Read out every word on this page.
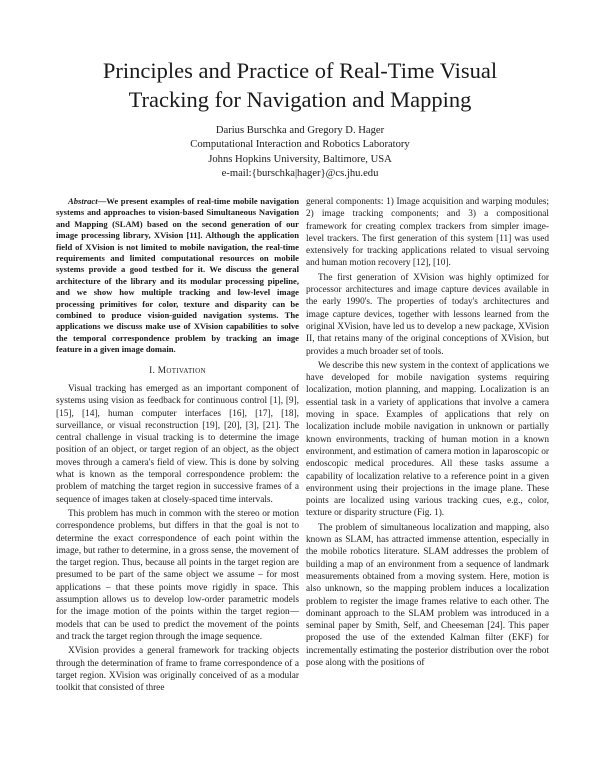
Principles and Practice of Real-Time Visual
Tracking for Navigation and Mapping
Darius Burschka and Gregory D. Hager
Computational Interaction and Robotics Laboratory
Johns Hopkins University, Baltimore, USA
e-mail:{burschka|hager}@cs.jhu.edu

Abstract—We present examples of real-time mobile navigation systems and approaches to vision-based Simultaneous Navigation and Mapping (SLAM) based on the second generation of our image processing library, XVision [11]. Although the application field of XVision is not limited to mobile navigation, the real-time requirements and limited computational resources on mobile systems provide a good testbed for it. We discuss the general architecture of the library and its modular processing pipeline, and we show how multiple tracking and low-level image processing primitives for color, texture and disparity can be combined to produce vision-guided navigation systems. The applications we discuss make use of XVision capabilities to solve the temporal correspondence problem by tracking an image feature in a given image domain.

I. Motivation

Visual tracking has emerged as an important component of systems using vision as feedback for continuous control [1], [9], [15], [14], human computer interfaces [16], [17], [18], surveillance, or visual reconstruction [19], [20], [3], [21]. The central challenge in visual tracking is to determine the image position of an object, or target region of an object, as the object moves through a camera's field of view. This is done by solving what is known as the temporal correspondence problem: the problem of matching the target region in successive frames of a sequence of images taken at closely-spaced time intervals.

This problem has much in common with the stereo or motion correspondence problems, but differs in that the goal is not to determine the exact correspondence of each point within the image, but rather to determine, in a gross sense, the movement of the target region. Thus, because all points in the target region are presumed to be part of the same object we assume – for most applications – that these points move rigidly in space. This assumption allows us to develop low-order parametric models for the image motion of the points within the target region—models that can be used to predict the movement of the points and track the target region through the image sequence.

XVision provides a general framework for tracking objects through the determination of frame to frame correspondence of a target region. XVision was originally conceived of as a modular toolkit that consisted of three

general components: 1) Image acquisition and warping modules; 2) image tracking components; and 3) a compositional framework for creating complex trackers from simpler image-level trackers. The first generation of this system [11] was used extensively for tracking applications related to visual servoing and human motion recovery [12], [10].

The first generation of XVision was highly optimized for processor architectures and image capture devices available in the early 1990's. The properties of today's architectures and image capture devices, together with lessons learned from the original XVision, have led us to develop a new package, XVision II, that retains many of the original conceptions of XVision, but provides a much broader set of tools.

We describe this new system in the context of applications we have developed for mobile navigation systems requiring localization, motion planning, and mapping. Localization is an essential task in a variety of applications that involve a camera moving in space. Examples of applications that rely on localization include mobile navigation in unknown or partially known environments, tracking of human motion in a known environment, and estimation of camera motion in laparoscopic or endoscopic medical procedures. All these tasks assume a capability of localization relative to a reference point in a given environment using their projections in the image plane. These points are localized using various tracking cues, e.g., color, texture or disparity structure (Fig. 1).

The problem of simultaneous localization and mapping, also known as SLAM, has attracted immense attention, especially in the mobile robotics literature. SLAM addresses the problem of building a map of an environment from a sequence of landmark measurements obtained from a moving system. Here, motion is also unknown, so the mapping problem induces a localization problem to register the image frames relative to each other. The dominant approach to the SLAM problem was introduced in a seminal paper by Smith, Self, and Cheeseman [24]. This paper proposed the use of the extended Kalman filter (EKF) for incrementally estimating the posterior distribution over the robot pose along with the positions of
